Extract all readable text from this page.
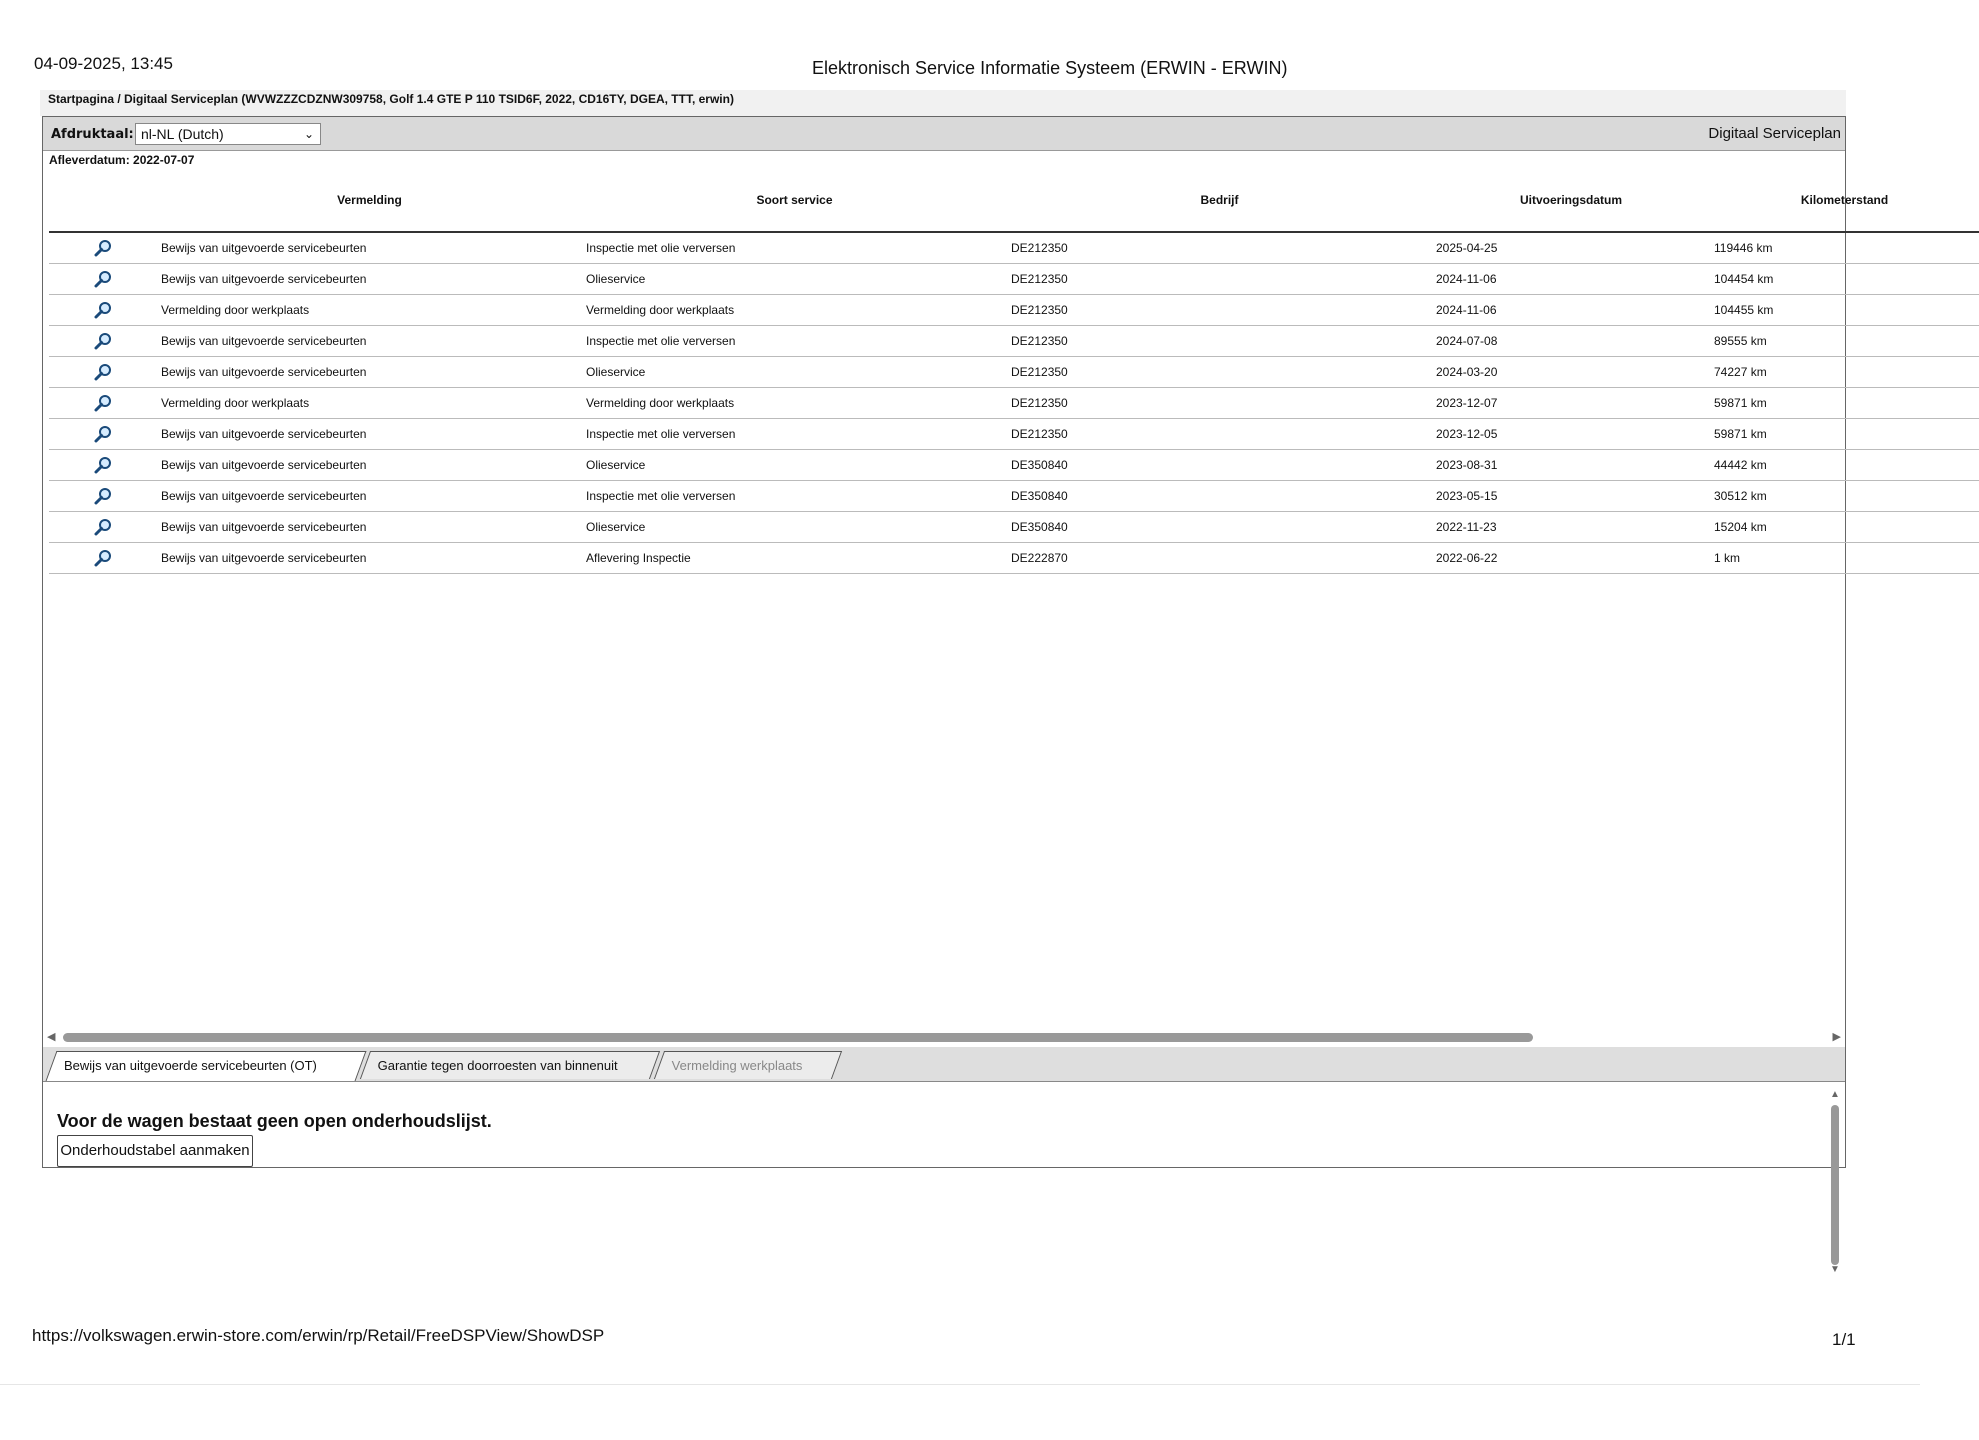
04-09-2025, 13:45	Elektronisch Service Informatie Systeem (ERWIN - ERWIN)
Startpagina / Digitaal Serviceplan (WVWZZZCDZNW309758, Golf 1.4 GTE P 110 TSID6F, 2022, CD16TY, DGEA, TTT, erwin)
Afdruktaal: nl-NL (Dutch)	⌄	Digitaal Serviceplan
Afleverdatum: 2022-07-07
	Vermelding	Soort service	Bedrijf	Uitvoeringsdatum	Kilometerstand
	Bewijs van uitgevoerde servicebeurten	Inspectie met olie verversen	DE212350	2025-04-25	119446 km
	Bewijs van uitgevoerde servicebeurten	Olieservice	DE212350	2024-11-06	104454 km
	Vermelding door werkplaats	Vermelding door werkplaats	DE212350	2024-11-06	104455 km
	Bewijs van uitgevoerde servicebeurten	Inspectie met olie verversen	DE212350	2024-07-08	89555 km
	Bewijs van uitgevoerde servicebeurten	Olieservice	DE212350	2024-03-20	74227 km
	Vermelding door werkplaats	Vermelding door werkplaats	DE212350	2023-12-07	59871 km
	Bewijs van uitgevoerde servicebeurten	Inspectie met olie verversen	DE212350	2023-12-05	59871 km
	Bewijs van uitgevoerde servicebeurten	Olieservice	DE350840	2023-08-31	44442 km
	Bewijs van uitgevoerde servicebeurten	Inspectie met olie verversen	DE350840	2023-05-15	30512 km
	Bewijs van uitgevoerde servicebeurten	Olieservice	DE350840	2022-11-23	15204 km
	Bewijs van uitgevoerde servicebeurten	Aflevering Inspectie	DE222870	2022-06-22	1 km
◀	▶
Bewijs van uitgevoerde servicebeurten (OT)	Garantie tegen doorroesten van binnenuit	Vermelding werkplaats
Voor de wagen bestaat geen open onderhoudslijst.
Onderhoudstabel aanmaken
▲
▼
https://volkswagen.erwin-store.com/erwin/rp/Retail/FreeDSPView/ShowDSP	1/1
